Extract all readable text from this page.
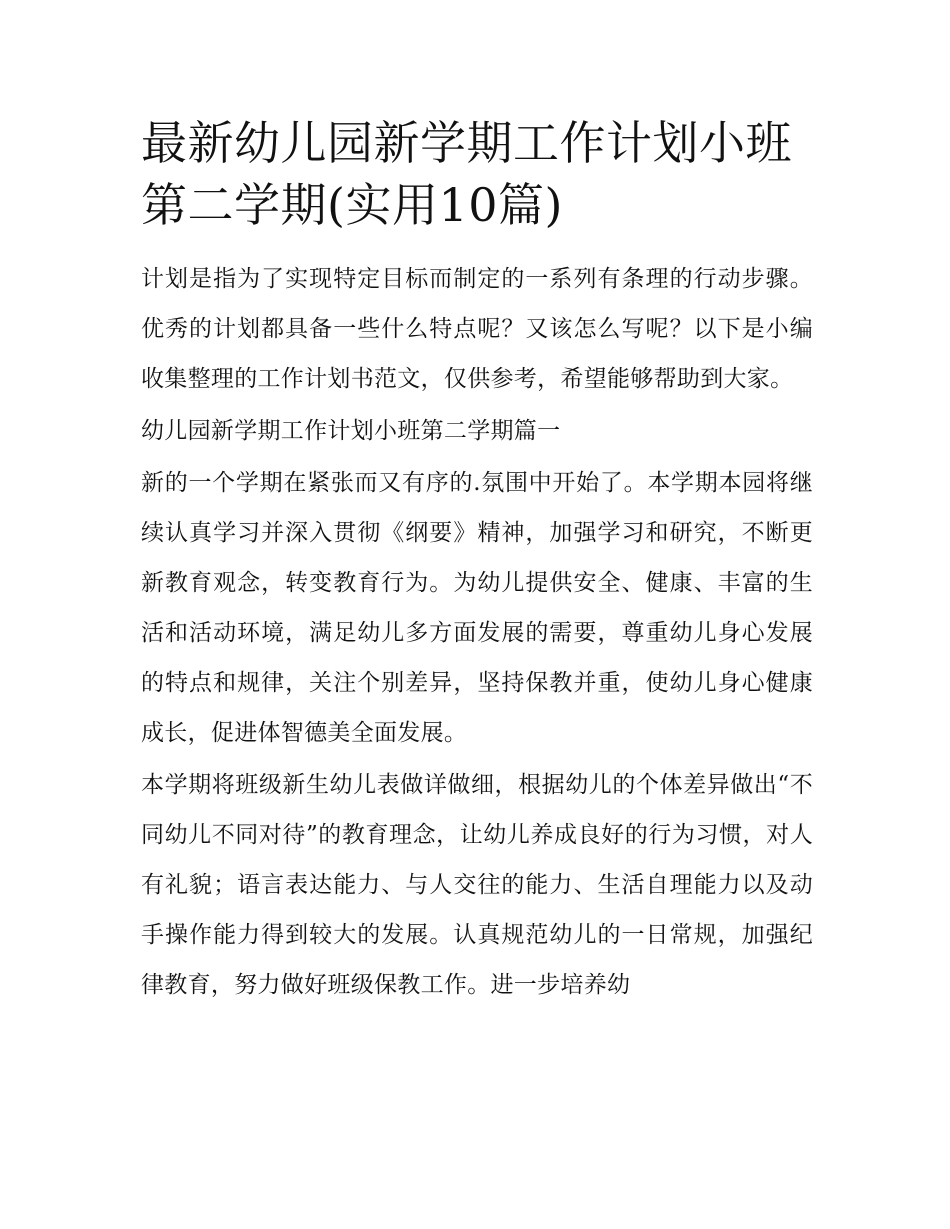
最新幼儿园新学期工作计划小班第二学期(实用10篇)

计划是指为了实现特定目标而制定的一系列有条理的行动步骤。优秀的计划都具备一些什么特点呢？又该怎么写呢？以下是小编收集整理的工作计划书范文，仅供参考，希望能够帮助到大家。

幼儿园新学期工作计划小班第二学期篇一

新的一个学期在紧张而又有序的.氛围中开始了。本学期本园将继续认真学习并深入贯彻《纲要》精神，加强学习和研究，不断更新教育观念，转变教育行为。为幼儿提供安全、健康、丰富的生活和活动环境，满足幼儿多方面发展的需要，尊重幼儿身心发展的特点和规律，关注个别差异，坚持保教并重，使幼儿身心健康成长，促进体智德美全面发展。

本学期将班级新生幼儿表做详做细，根据幼儿的个体差异做出“不同幼儿不同对待”的教育理念，让幼儿养成良好的行为习惯，对人有礼貌；语言表达能力、与人交往的能力、生活自理能力以及动手操作能力得到较大的发展。认真规范幼儿的一日常规，加强纪律教育，努力做好班级保教工作。进一步培养幼
